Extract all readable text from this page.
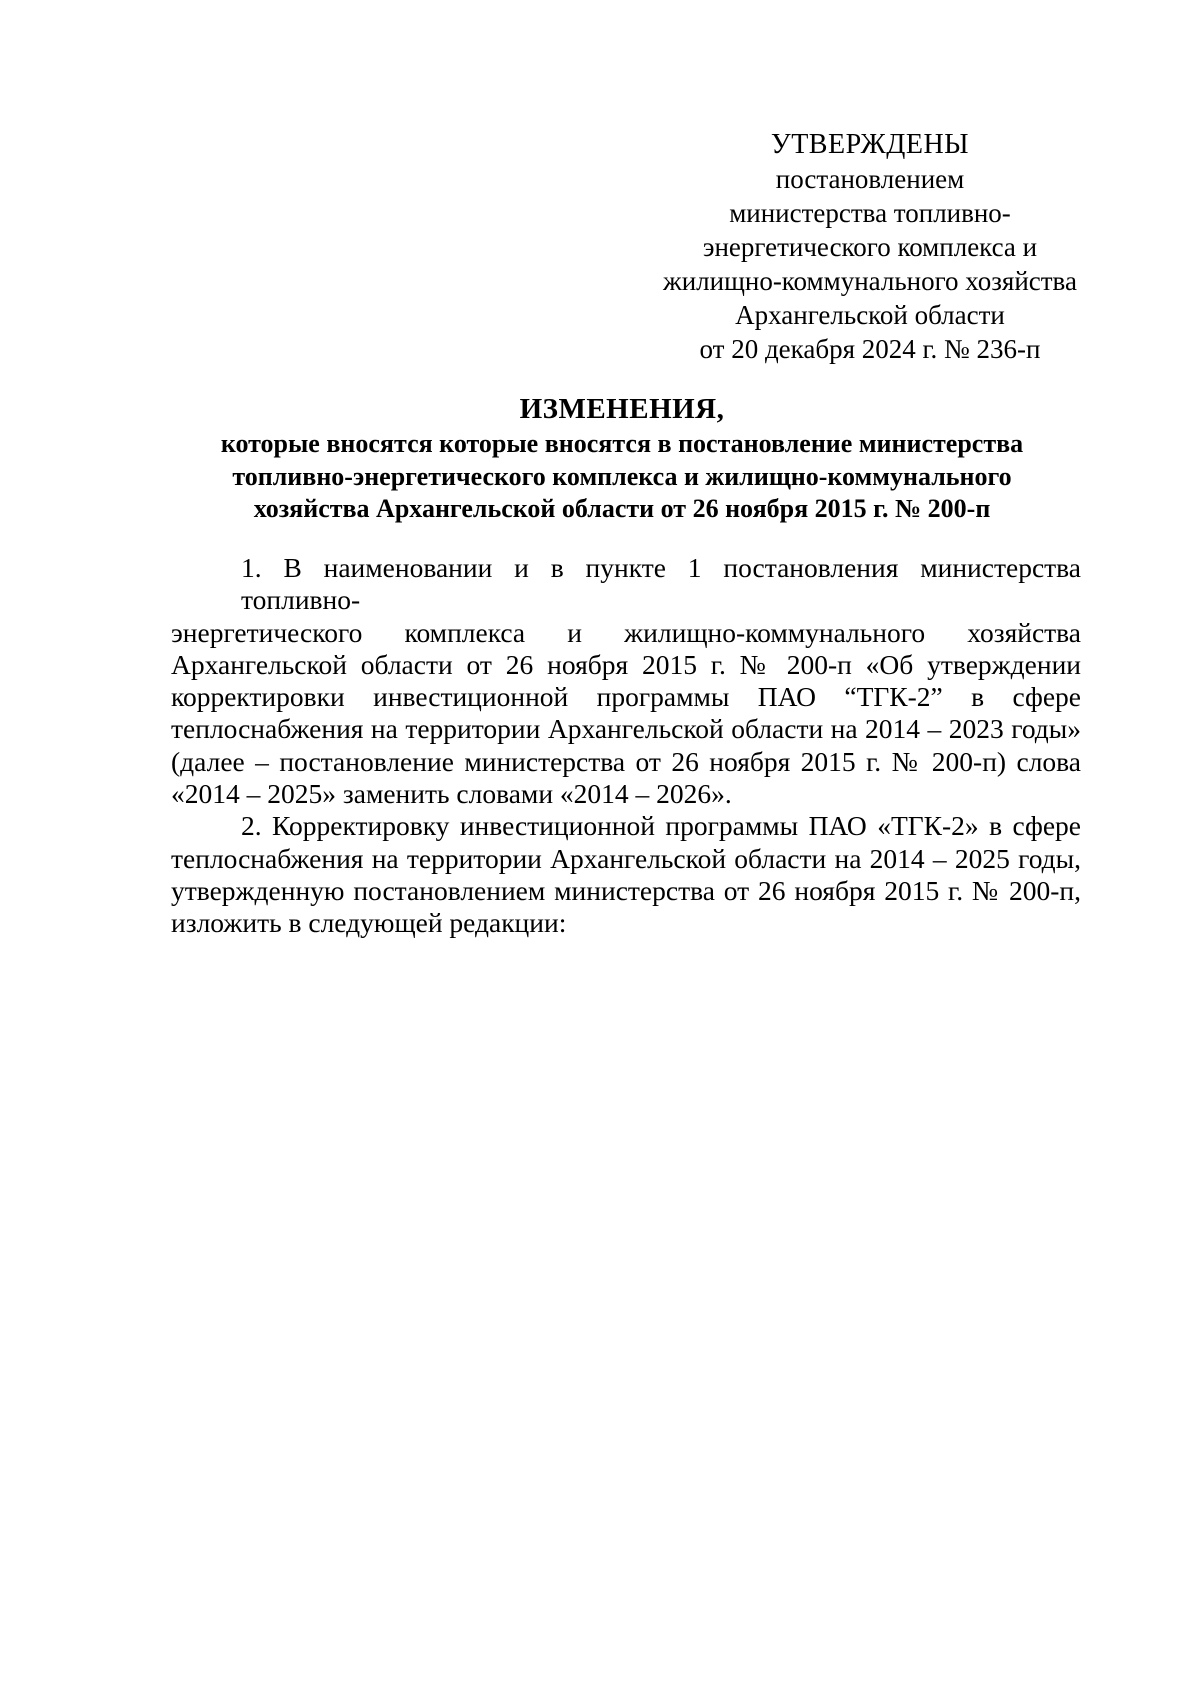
УТВЕРЖДЕНЫ
постановлением
министерства топливно-
энергетического комплекса и
жилищно-коммунального хозяйства
Архангельской области
от 20 декабря 2024 г. № 236-п
ИЗМЕНЕНИЯ,
которые вносятся которые вносятся в постановление министерства
топливно-энергетического комплекса и жилищно-коммунального
хозяйства Архангельской области от 26 ноября 2015 г. № 200-п
1. В наименовании и в пункте 1 постановления министерства топливно-
энергетического комплекса и жилищно-коммунального хозяйства
Архангельской области от 26 ноября 2015 г. № 200-п «Об утверждении
корректировки инвестиционной программы ПАО “ТГК-2” в сфере
теплоснабжения на территории Архангельской области на 2014 – 2023 годы»
(далее – постановление министерства от 26 ноября 2015 г. № 200-п) слова
«2014 – 2025» заменить словами «2014 – 2026».
2. Корректировку инвестиционной программы ПАО «ТГК-2» в сфере
теплоснабжения на территории Архангельской области на 2014 – 2025 годы,
утвержденную постановлением министерства от 26 ноября 2015 г. № 200-п,
изложить в следующей редакции:
